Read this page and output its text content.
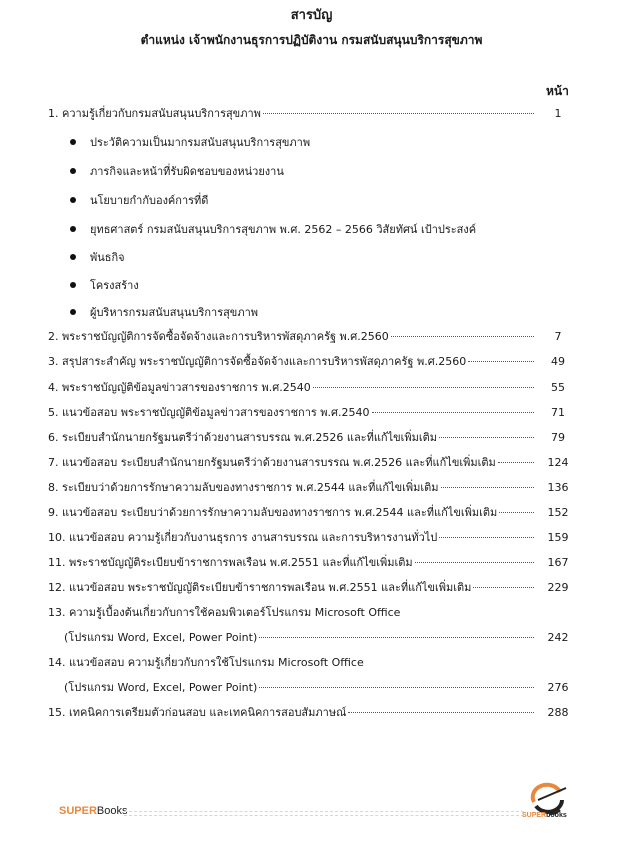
สารบัญ
ตำแหน่ง เจ้าพนักงานธุรการปฏิบัติงาน กรมสนับสนุนบริการสุขภาพ
หน้า
1. ความรู้เกี่ยวกับกรมสนับสนุนบริการสุขภาพ	1
ประวัติความเป็นมากรมสนับสนุนบริการสุขภาพ
ภารกิจและหน้าที่รับผิดชอบของหน่วยงาน
นโยบายกำกับองค์การที่ดี
ยุทธศาสตร์ กรมสนับสนุนบริการสุขภาพ พ.ศ. 2562 – 2566 วิสัยทัศน์ เป้าประสงค์
พันธกิจ
โครงสร้าง
ผู้บริหารกรมสนับสนุนบริการสุขภาพ
2. พระราชบัญญัติการจัดซื้อจัดจ้างและการบริหารพัสดุภาครัฐ พ.ศ.2560	7
3. สรุปสาระสำคัญ พระราชบัญญัติการจัดซื้อจัดจ้างและการบริหารพัสดุภาครัฐ พ.ศ.2560	49
4. พระราชบัญญัติข้อมูลข่าวสารของราชการ พ.ศ.2540	55
5. แนวข้อสอบ พระราชบัญญัติข้อมูลข่าวสารของราชการ พ.ศ.2540	71
6. ระเบียบสำนักนายกรัฐมนตรีว่าด้วยงานสารบรรณ พ.ศ.2526 และที่แก้ไขเพิ่มเติม	79
7. แนวข้อสอบ ระเบียบสำนักนายกรัฐมนตรีว่าด้วยงานสารบรรณ พ.ศ.2526 และที่แก้ไขเพิ่มเติม	124
8. ระเบียบว่าด้วยการรักษาความลับของทางราชการ พ.ศ.2544 และที่แก้ไขเพิ่มเติม	136
9. แนวข้อสอบ ระเบียบว่าด้วยการรักษาความลับของทางราชการ พ.ศ.2544 และที่แก้ไขเพิ่มเติม	152
10. แนวข้อสอบ ความรู้เกี่ยวกับงานธุรการ งานสารบรรณ และการบริหารงานทั่วไป	159
11. พระราชบัญญัติระเบียบข้าราชการพลเรือน พ.ศ.2551 และที่แก้ไขเพิ่มเติม	167
12. แนวข้อสอบ พระราชบัญญัติระเบียบข้าราชการพลเรือน พ.ศ.2551 และที่แก้ไขเพิ่มเติม	229
13. ความรู้เบื้องต้นเกี่ยวกับการใช้คอมพิวเตอร์โปรแกรม Microsoft Office
(โปรแกรม Word, Excel, Power Point)	242
14. แนวข้อสอบ ความรู้เกี่ยวกับการใช้โปรแกรม Microsoft Office
(โปรแกรม Word, Excel, Power Point)	276
15. เทคนิคการเตรียมตัวก่อนสอบ และเทคนิคการสอบสัมภาษณ์	288
SUPERBooks	SUPERbooks
